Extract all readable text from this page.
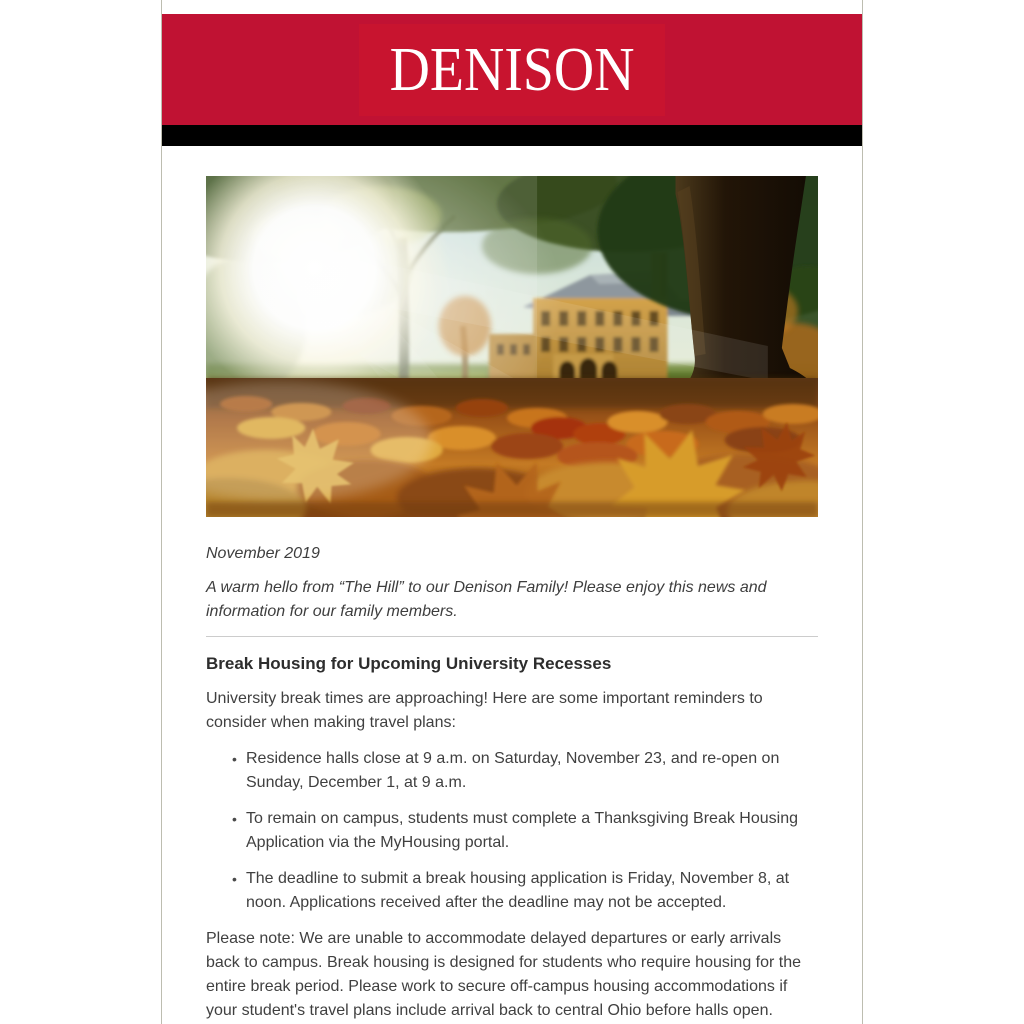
DENISON

November 2019

A warm hello from “The Hill” to our Denison Family! Please enjoy this news and information for our family members.

Break Housing for Upcoming University Recesses

University break times are approaching! Here are some important reminders to consider when making travel plans:

• Residence halls close at 9 a.m. on Saturday, November 23, and re-open on Sunday, December 1, at 9 a.m.
• To remain on campus, students must complete a Thanksgiving Break Housing Application via the MyHousing portal.
• The deadline to submit a break housing application is Friday, November 8, at noon. Applications received after the deadline may not be accepted.

Please note: We are unable to accommodate delayed departures or early arrivals back to campus. Break housing is designed for students who require housing for the entire break period. Please work to secure off-campus housing accommodations if your student's travel plans include arrival back to central Ohio before halls open.
